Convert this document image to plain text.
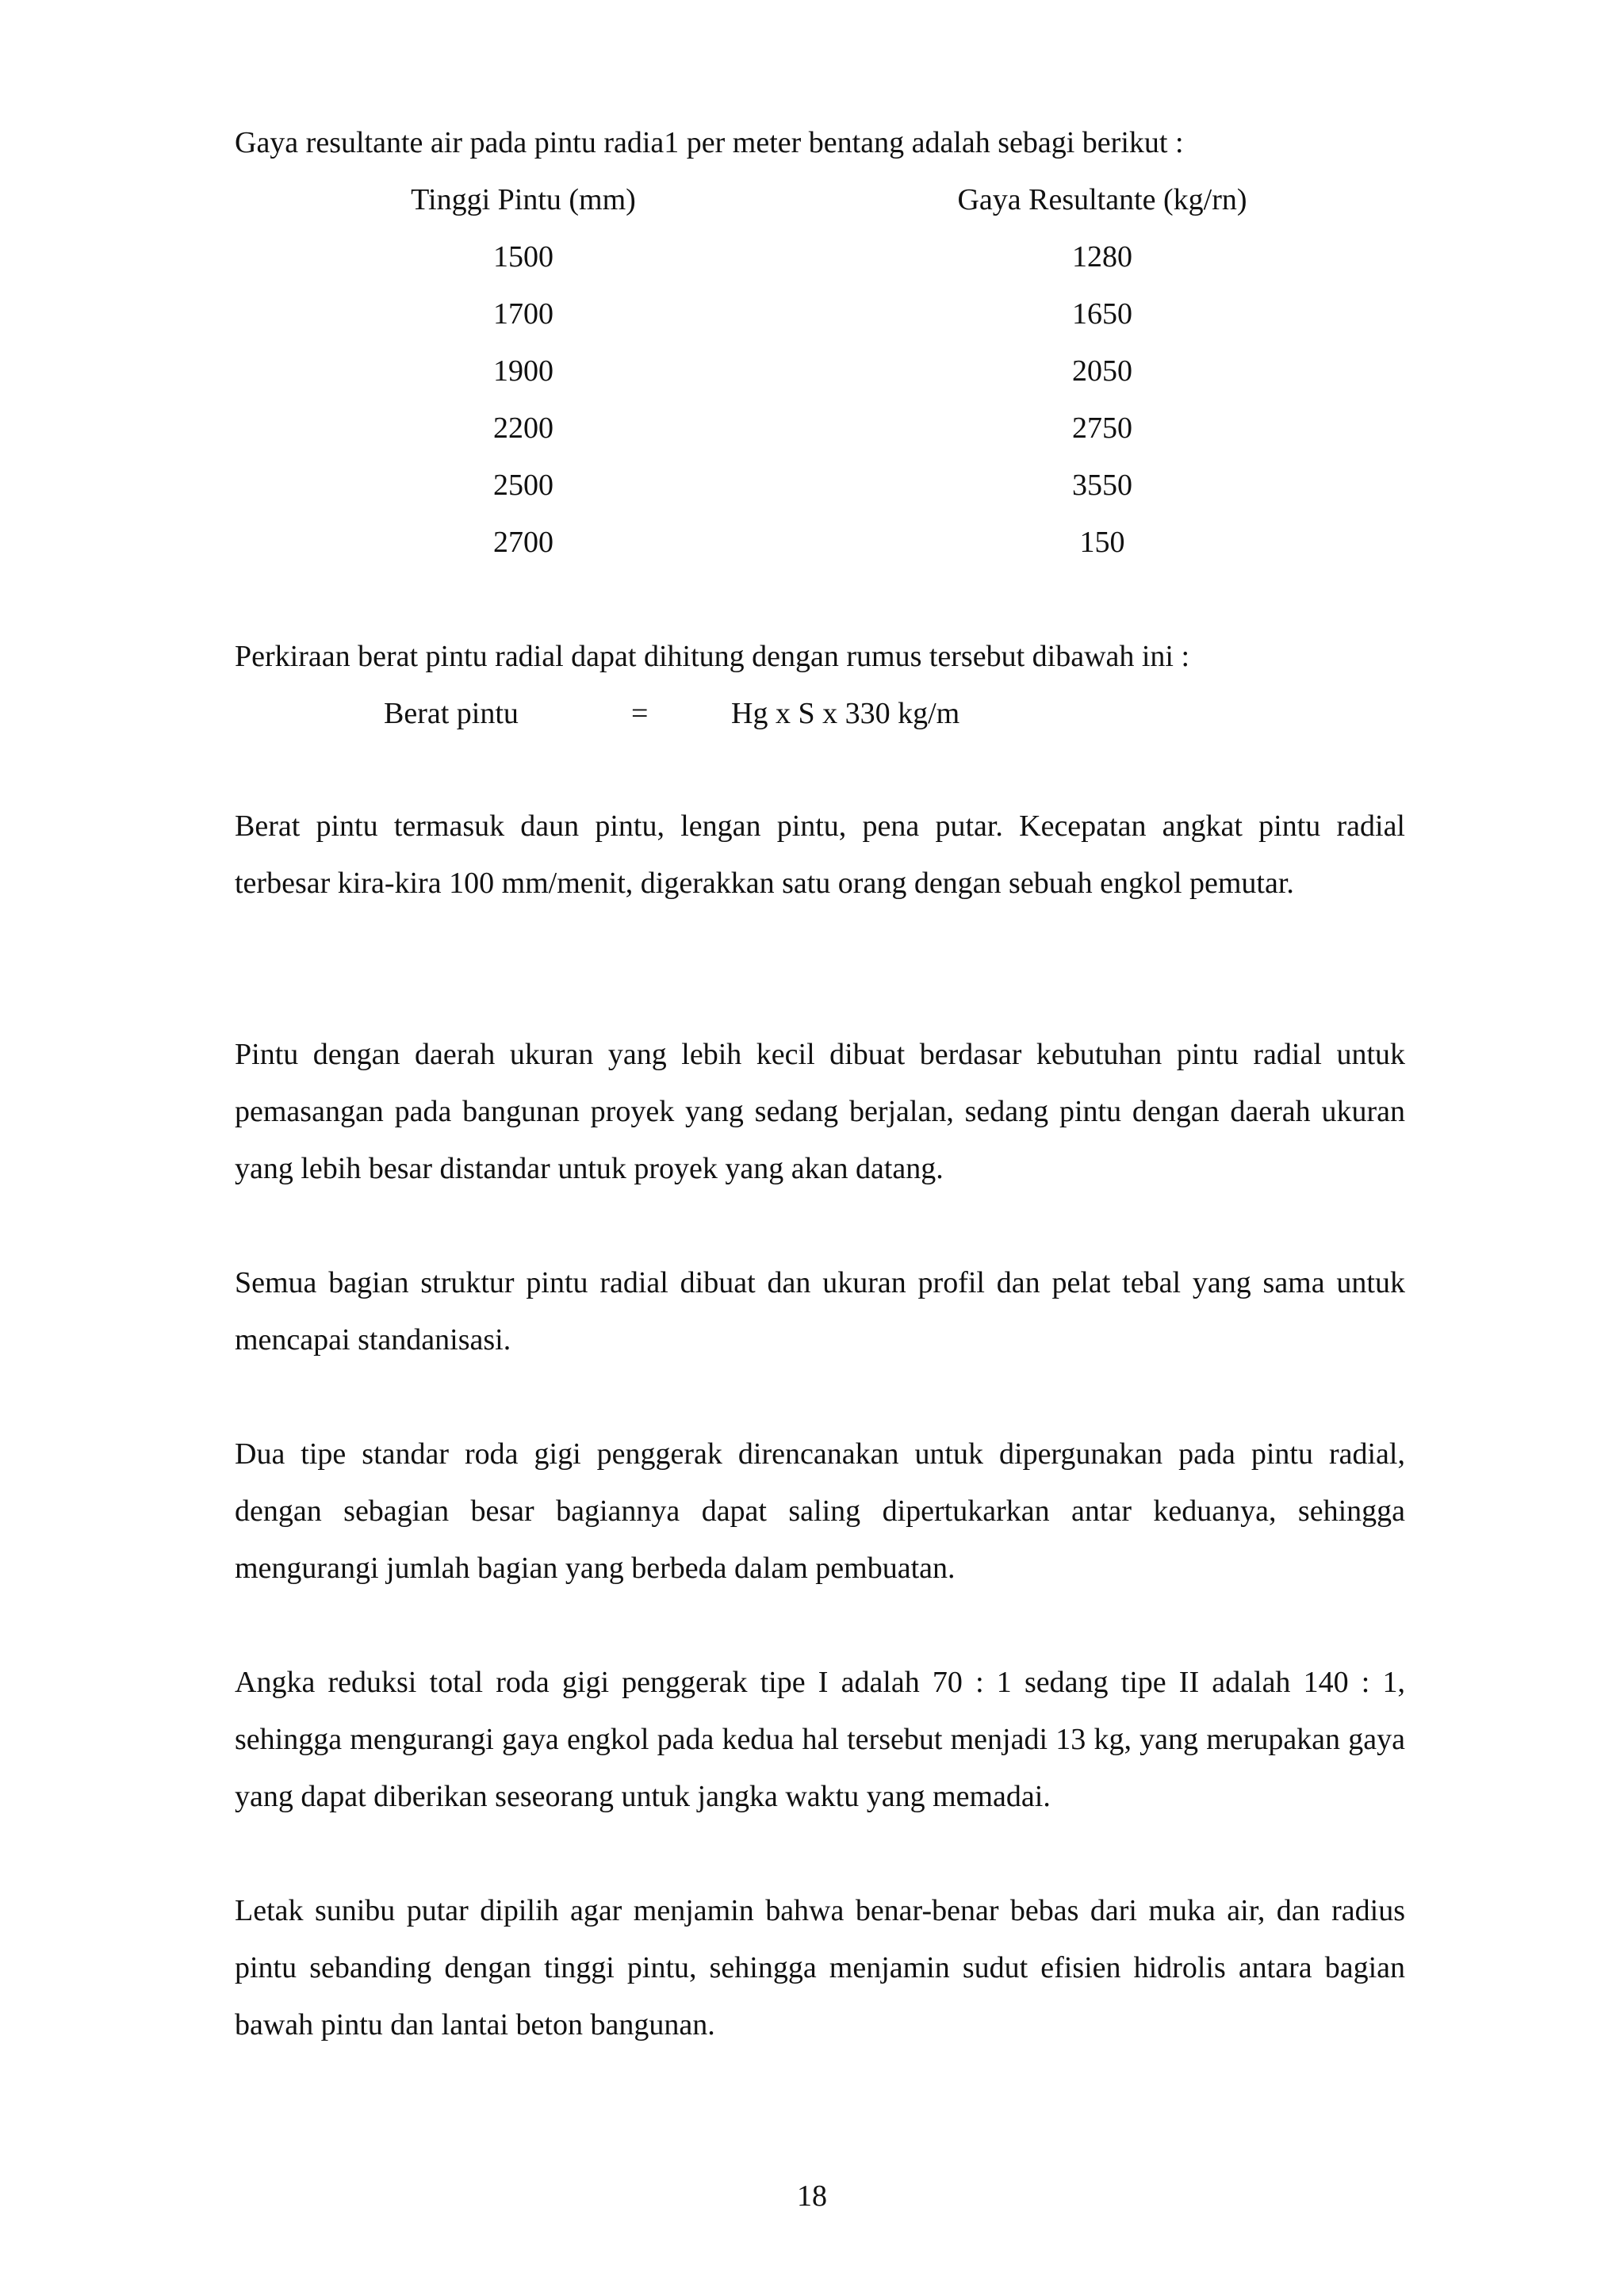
Gaya resultante air pada pintu radia1 per meter bentang adalah sebagi berikut :
Tinggi Pintu (mm)	Gaya Resultante (kg/rn)
1500	1280
1700	1650
1900	2050
2200	2750
2500	3550
2700	150
Perkiraan berat pintu radial dapat dihitung dengan rumus tersebut dibawah ini :
Berat pintu	=	Hg x S x 330 kg/m

Berat pintu termasuk daun pintu, lengan pintu, pena putar. Kecepatan angkat pintu radial terbesar kira-kira 100 mm/menit, digerakkan satu orang dengan sebuah engkol pemutar.

Pintu dengan daerah ukuran yang lebih kecil dibuat berdasar kebutuhan pintu radial untuk pemasangan pada bangunan proyek yang sedang berjalan, sedang pintu dengan daerah ukuran yang lebih besar distandar untuk proyek yang akan datang.

Semua bagian struktur pintu radial dibuat dan ukuran profil dan pelat tebal yang sama untuk mencapai standanisasi.

Dua tipe standar roda gigi penggerak direncanakan untuk dipergunakan pada pintu radial, dengan sebagian besar bagiannya dapat saling dipertukarkan antar keduanya, sehingga mengurangi jumlah bagian yang berbeda dalam pembuatan.

Angka reduksi total roda gigi penggerak tipe I adalah 70 : 1 sedang tipe II adalah 140 : 1, sehingga mengurangi gaya engkol pada kedua hal tersebut menjadi 13 kg, yang merupakan gaya yang dapat diberikan seseorang untuk jangka waktu yang memadai.

Letak sunibu putar dipilih agar menjamin bahwa benar-benar bebas dari muka air, dan radius pintu sebanding dengan tinggi pintu, sehingga menjamin sudut efisien hidrolis antara bagian bawah pintu dan lantai beton bangunan.

18
